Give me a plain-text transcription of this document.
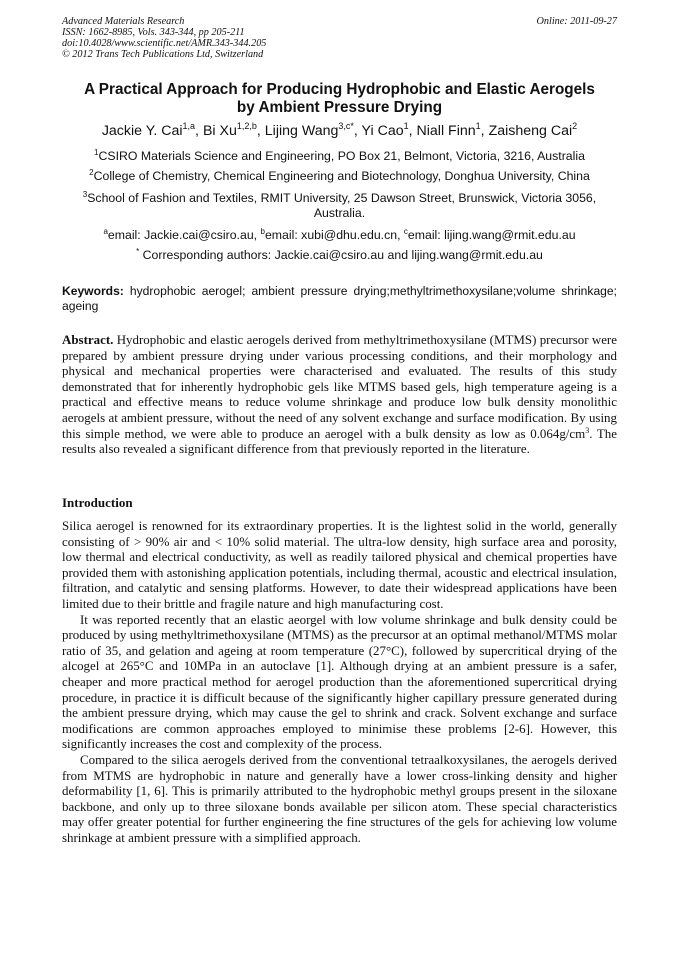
Advanced Materials Research
ISSN: 1662-8985, Vols. 343-344, pp 205-211
doi:10.4028/www.scientific.net/AMR.343-344.205
© 2012 Trans Tech Publications Ltd, Switzerland
Online: 2011-09-27
A Practical Approach for Producing Hydrophobic and Elastic Aerogels
by Ambient Pressure Drying
Jackie Y. Cai$^{1,a}$, Bi Xu$^{1,2,b}$, Lijing Wang$^{3,c*}$, Yi Cao$^1$, Niall Finn$^1$, Zaisheng Cai$^2$
$^1$CSIRO Materials Science and Engineering, PO Box 21, Belmont, Victoria, 3216, Australia
$^2$College of Chemistry, Chemical Engineering and Biotechnology, Donghua University, China
$^3$School of Fashion and Textiles, RMIT University, 25 Dawson Street, Brunswick, Victoria 3056,
Australia.
$^a$email: Jackie.cai@csiro.au, $^b$email: xubi@dhu.edu.cn, $^c$email: lijing.wang@rmit.edu.au
* Corresponding authors: Jackie.cai@csiro.au and lijing.wang@rmit.edu.au
Keywords: hydrophobic aerogel; ambient pressure drying;methyltrimethoxysilane;volume shrinkage; ageing

Abstract. Hydrophobic and elastic aerogels derived from methyltrimethoxysilane (MTMS) precursor were prepared by ambient pressure drying under various processing conditions, and their morphology and physical and mechanical properties were characterised and evaluated. The results of this study demonstrated that for inherently hydrophobic gels like MTMS based gels, high temperature ageing is a practical and effective means to reduce volume shrinkage and produce low bulk density monolithic aerogels at ambient pressure, without the need of any solvent exchange and surface modification. By using this simple method, we were able to produce an aerogel with a bulk density as low as $0.064g/cm^3$. The results also revealed a significant difference from that previously reported in the literature.

Introduction

Silica aerogel is renowned for its extraordinary properties. It is the lightest solid in the world, generally consisting of > 90% air and < 10% solid material. The ultra-low density, high surface area and porosity, low thermal and electrical conductivity, as well as readily tailored physical and chemical properties have provided them with astonishing application potentials, including thermal, acoustic and electrical insulation, filtration, and catalytic and sensing platforms. However, to date their widespread applications have been limited due to their brittle and fragile nature and high manufacturing cost.

It was reported recently that an elastic aeorgel with low volume shrinkage and bulk density could be produced by using methyltrimethoxysilane (MTMS) as the precursor at an optimal methanol/MTMS molar ratio of 35, and gelation and ageing at room temperature (27°C), followed by supercritical drying of the alcogel at 265°C and 10MPa in an autoclave [1]. Although drying at an ambient pressure is a safer, cheaper and more practical method for aerogel production than the aforementioned supercritical drying procedure, in practice it is difficult because of the significantly higher capillary pressure generated during the ambient pressure drying, which may cause the gel to shrink and crack. Solvent exchange and surface modifications are common approaches employed to minimise these problems [2-6]. However, this significantly increases the cost and complexity of the process.

Compared to the silica aerogels derived from the conventional tetraalkoxysilanes, the aerogels derived from MTMS are hydrophobic in nature and generally have a lower cross-linking density and higher deformability [1, 6]. This is primarily attributed to the hydrophobic methyl groups present in the siloxane backbone, and only up to three siloxane bonds available per silicon atom. These special characteristics may offer greater potential for further engineering the fine structures of the gels for achieving low volume shrinkage at ambient pressure with a simplified approach.
